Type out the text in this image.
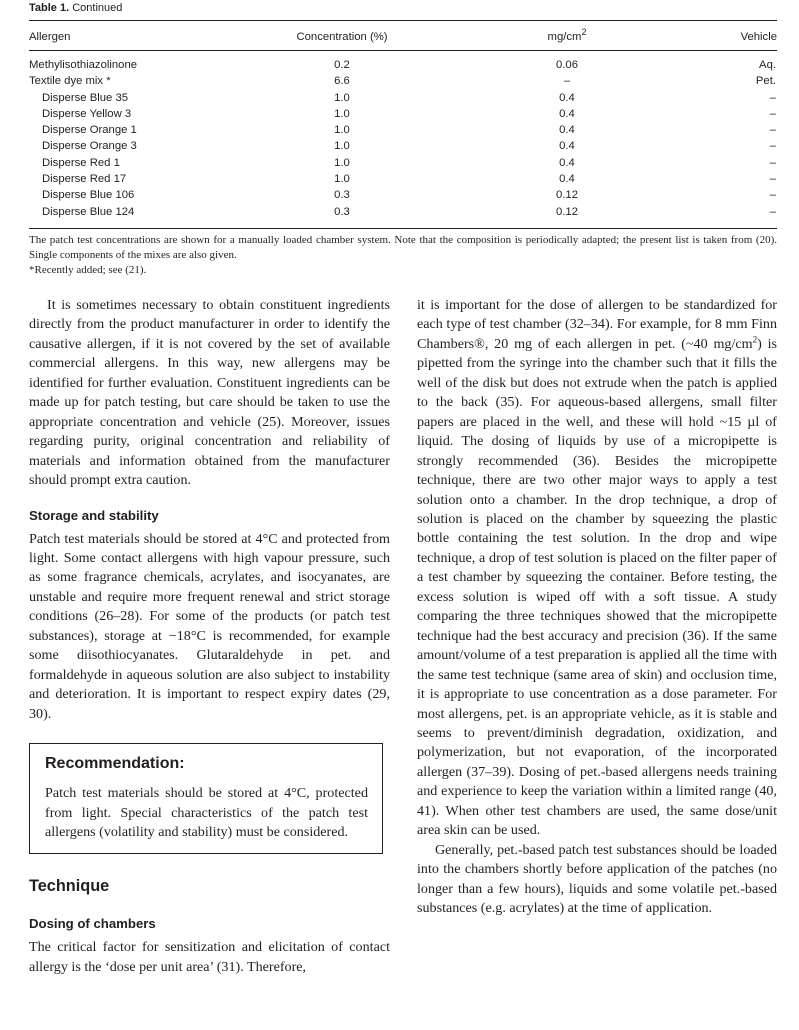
Table 1. Continued
Allergen	Concentration (%)	$mg/cm^2$	Vehicle
Methylisothiazolinone	0.2	0.06	Aq.
Textile dye mix *	6.6	–	Pet.
Disperse Blue 35	1.0	0.4	–
Disperse Yellow 3	1.0	0.4	–
Disperse Orange 1	1.0	0.4	–
Disperse Orange 3	1.0	0.4	–
Disperse Red 1	1.0	0.4	–
Disperse Red 17	1.0	0.4	–
Disperse Blue 106	0.3	0.12	–
Disperse Blue 124	0.3	0.12	–

The patch test concentrations are shown for a manually loaded chamber system. Note that the composition is periodically adapted; the present list is taken from (20). Single components of the mixes are also given.

*Recently added; see (21).

It is sometimes necessary to obtain constituent ingredients directly from the product manufacturer in order to identify the causative allergen, if it is not covered by the set of available commercial allergens. In this way, new allergens may be identified for further evaluation. Constituent ingredients can be made up for patch testing, but care should be taken to use the appropriate concentration and vehicle (25). Moreover, issues regarding purity, original concentration and reliability of materials and information obtained from the manufacturer should prompt extra caution.

Storage and stability

Patch test materials should be stored at 4°C and protected from light. Some contact allergens with high vapour pressure, such as some fragrance chemicals, acrylates, and isocyanates, are unstable and require more frequent renewal and strict storage conditions (26–28). For some of the products (or patch test substances), storage at −18°C is recommended, for example some diisothiocyanates. Glutaraldehyde in pet. and formaldehyde in aqueous solution are also subject to instability and deterioration. It is important to respect expiry dates (29, 30).

Recommendation:

Patch test materials should be stored at 4°C, protected from light. Special characteristics of the patch test allergens (volatility and stability) must be considered.

Technique
Dosing of chambers

The critical factor for sensitization and elicitation of contact allergy is the ‘dose per unit area’ (31). Therefore,

it is important for the dose of allergen to be standardized for each type of test chamber (32–34). For example, for 8 mm Finn Chambers®, 20 mg of each allergen in pet. (~40 $mg/cm^2$) is pipetted from the syringe into the chamber such that it fills the well of the disk but does not extrude when the patch is applied to the back (35). For aqueous-based allergens, small filter papers are placed in the well, and these will hold ~15 µl of liquid. The dosing of liquids by use of a micropipette is strongly recommended (36). Besides the micropipette technique, there are two other major ways to apply a test solution onto a chamber. In the drop technique, a drop of solution is placed on the chamber by squeezing the plastic bottle containing the test solution. In the drop and wipe technique, a drop of test solution is placed on the filter paper of a test chamber by squeezing the container. Before testing, the excess solution is wiped off with a soft tissue. A study comparing the three techniques showed that the micropipette technique had the best accuracy and precision (36). If the same amount/volume of a test preparation is applied all the time with the same test technique (same area of skin) and occlusion time, it is appropriate to use concentration as a dose parameter. For most allergens, pet. is an appropriate vehicle, as it is stable and seems to prevent/diminish degradation, oxidization, and polymerization, but not evaporation, of the incorporated allergen (37–39). Dosing of pet.-based allergens needs training and experience to keep the variation within a limited range (40, 41). When other test chambers are used, the same dose/unit area skin can be used.

Generally, pet.-based patch test substances should be loaded into the chambers shortly before application of the patches (no longer than a few hours), liquids and some volatile pet.-based substances (e.g. acrylates) at the time of application.
